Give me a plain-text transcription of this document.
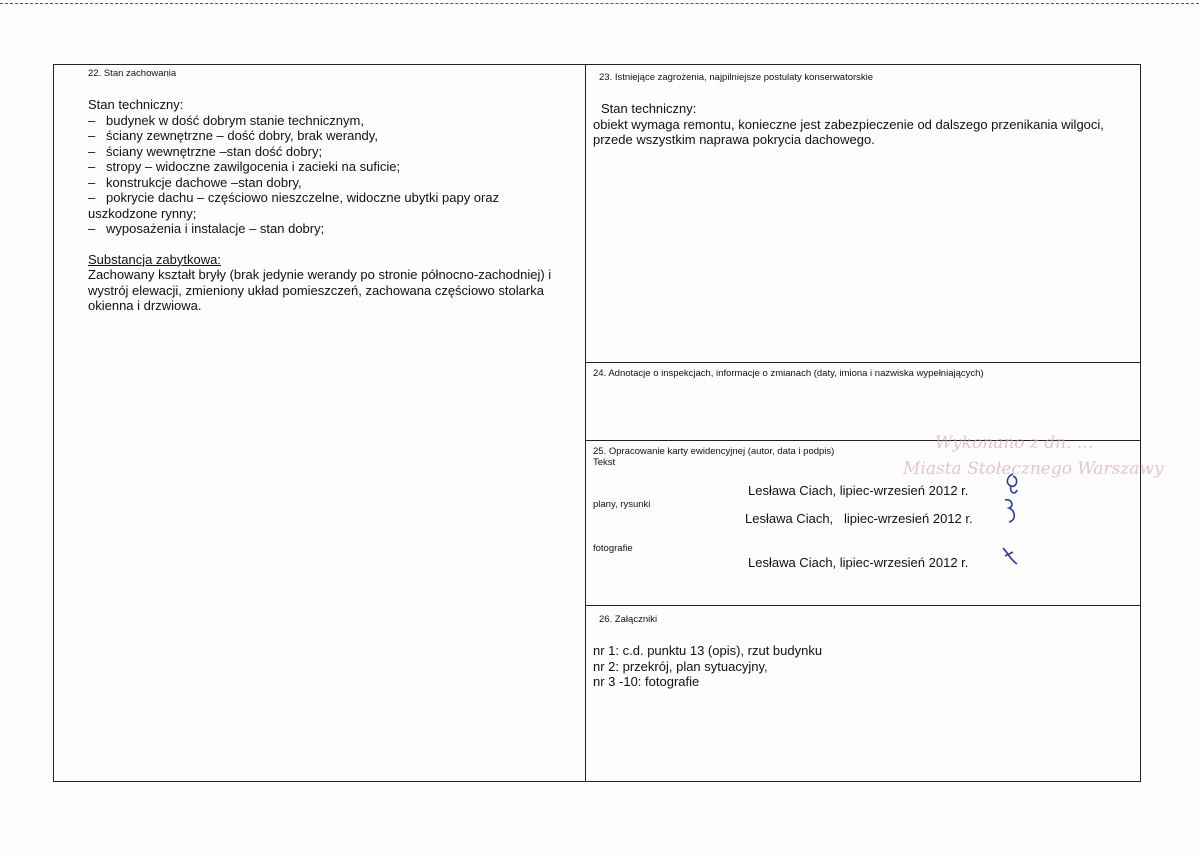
22. Stan zachowania
Stan techniczny:
– budynek w dość dobrym stanie technicznym,
– ściany zewnętrzne – dość dobry, brak werandy,
– ściany wewnętrzne –stan dość dobry;
– stropy – widoczne zawilgocenia i zacieki na suficie;
– konstrukcje dachowe –stan dobry,
– pokrycie dachu – częściowo nieszczelne, widoczne ubytki papy oraz
uszkodzone rynny;
– wyposażenia i instalacje – stan dobry;
Substancja zabytkowa:
Zachowany kształt bryły (brak jedynie werandy po stronie północno-zachodniej) i
wystrój elewacji, zmieniony układ pomieszczeń, zachowana częściowo stolarka
okienna i drzwiowa.
23. Istniejące zagrożenia, najpilniejsze postulaty konserwatorskie
Stan techniczny:
obiekt wymaga remontu, konieczne jest zabezpieczenie od dalszego przenikania wilgoci,
przede wszystkim naprawa pokrycia dachowego.
24. Adnotacje o inspekcjach, informacje o zmianach (daty, imiona i nazwiska wypełniających)
Wykonano z dn. ...
Miasta Stołecznego Warszawy
25. Opracowanie karty ewidencyjnej (autor, data i podpis)
Tekst
Lesława Ciach, lipiec-wrzesień 2012 r.
plany, rysunki
Lesława Ciach,   lipiec-wrzesień 2012 r.
fotografie
Lesława Ciach, lipiec-wrzesień 2012 r.
26. Załączniki
nr 1: c.d. punktu 13 (opis), rzut budynku
nr 2: przekrój, plan sytuacyjny,
nr 3 -10: fotografie
